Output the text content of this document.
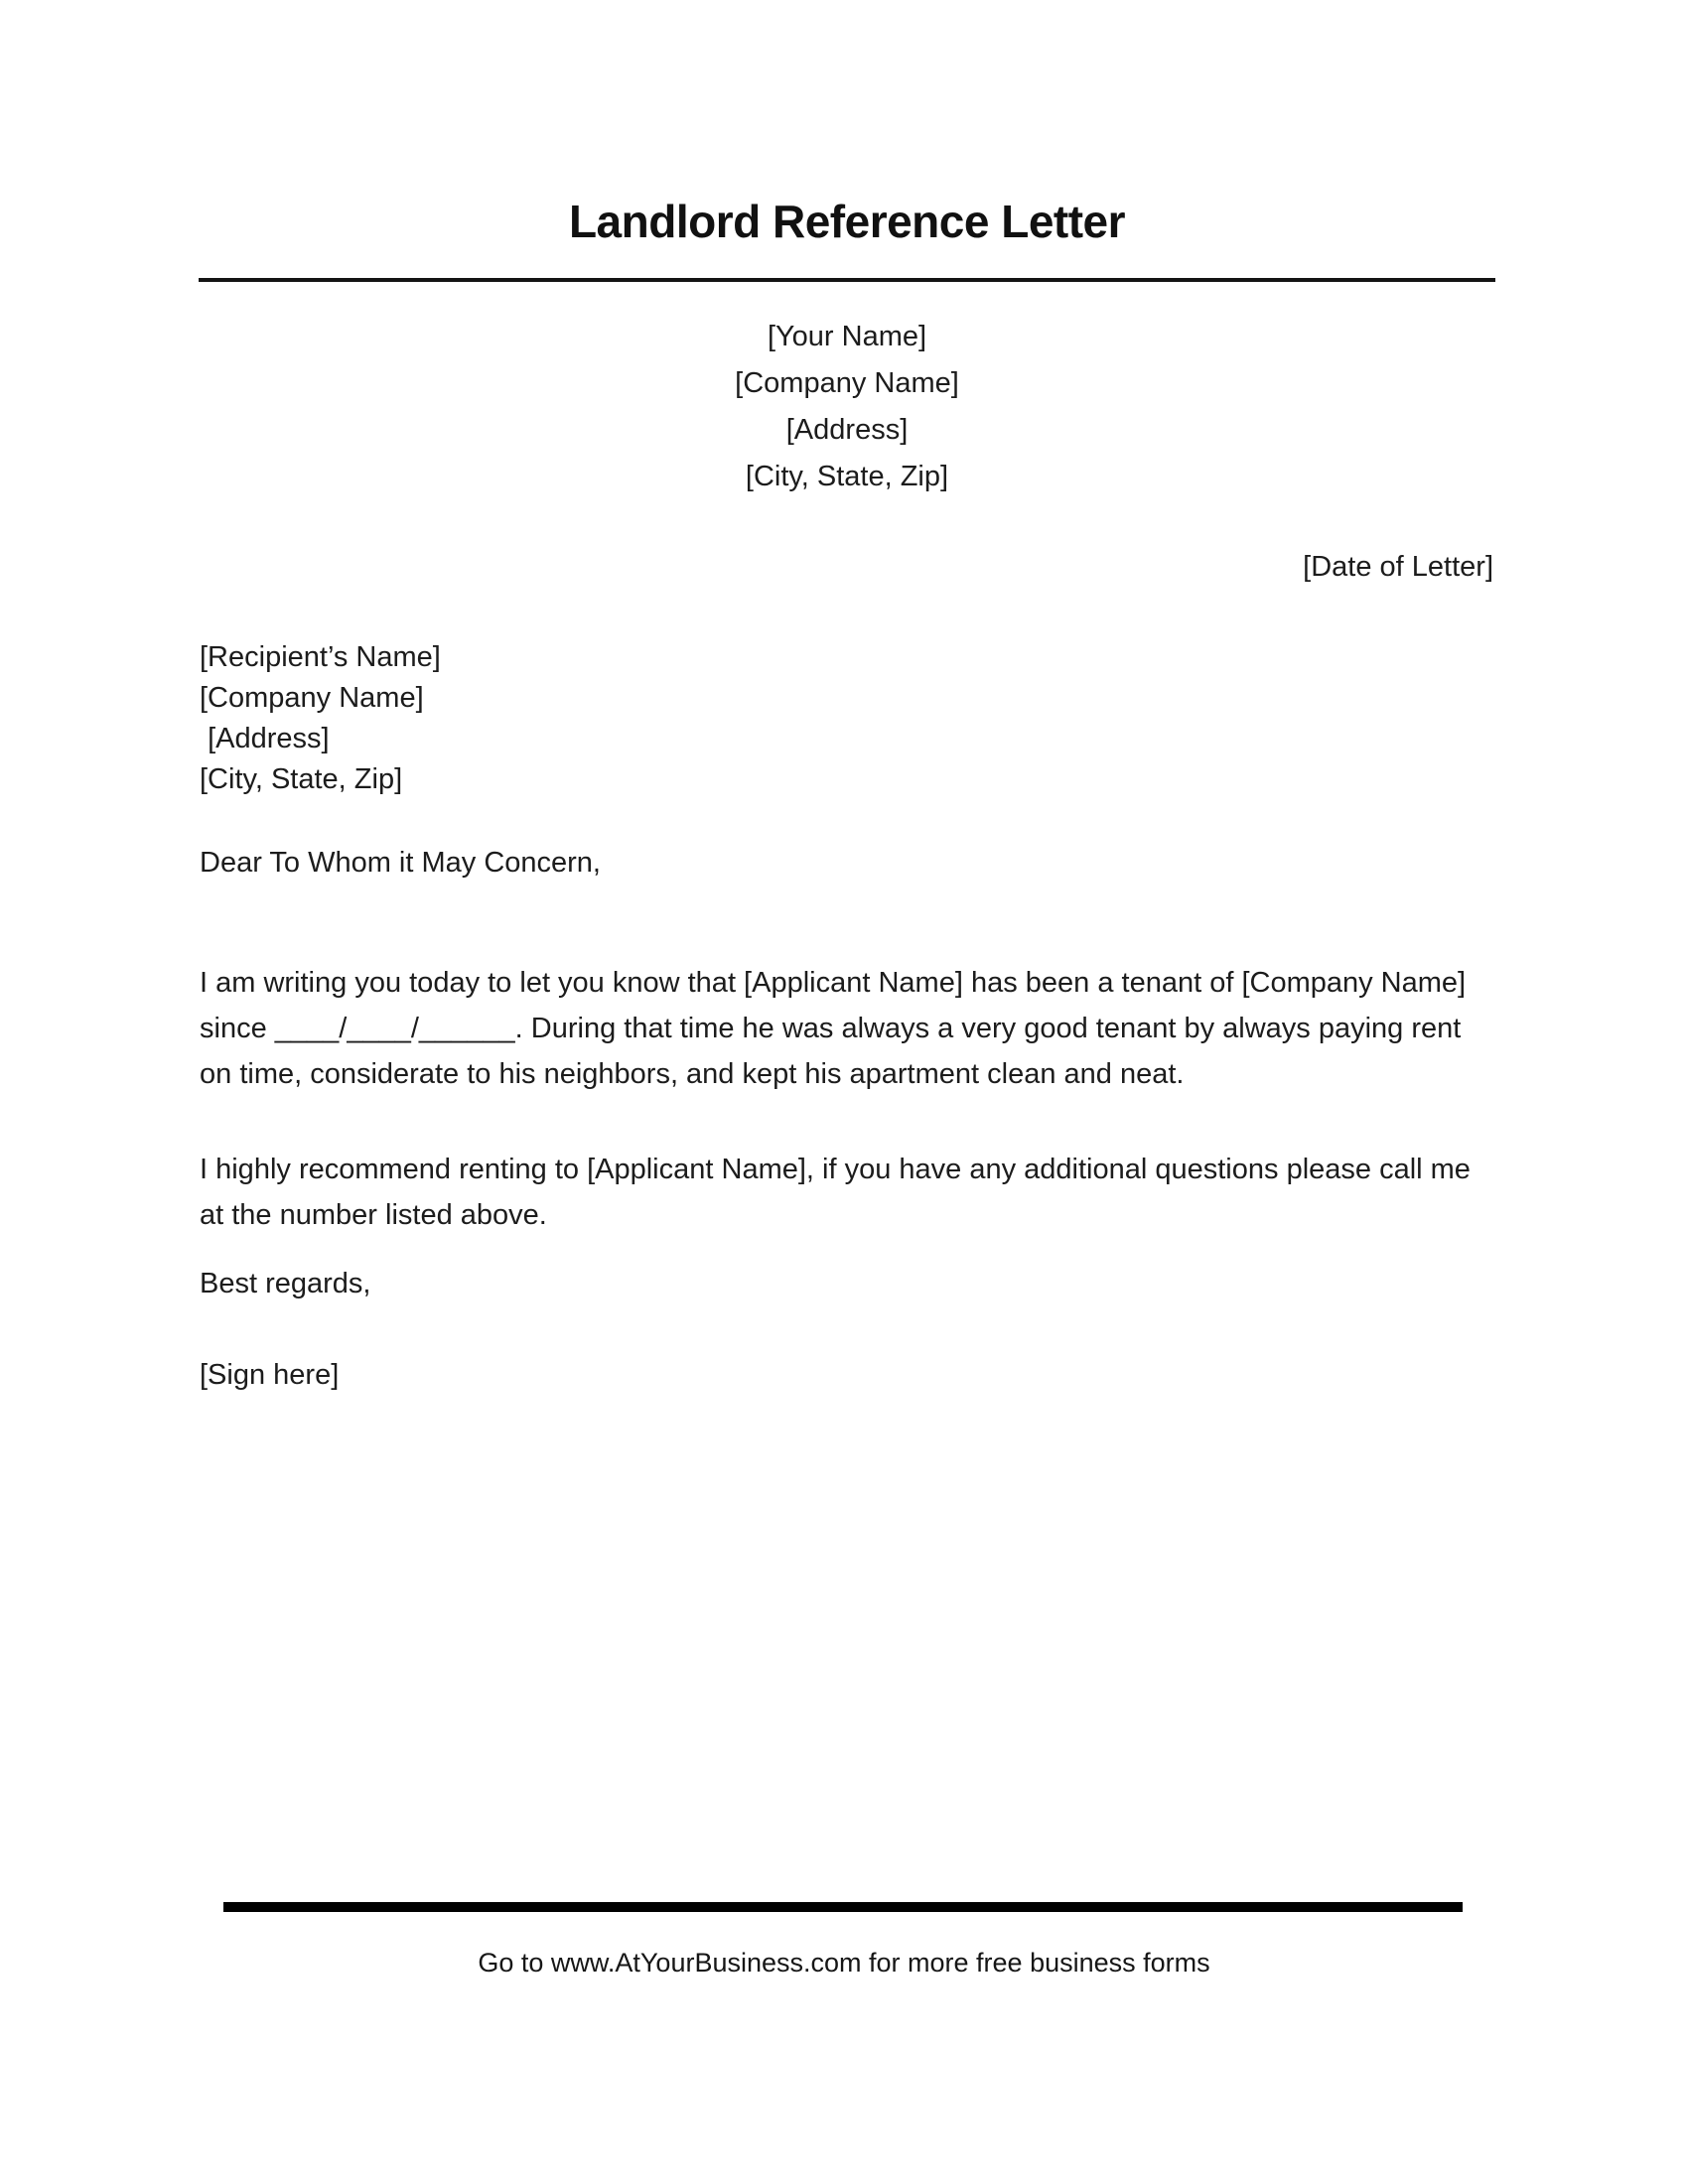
Landlord Reference Letter
[Your Name]
[Company Name]
[Address]
[City, State, Zip]
[Date of Letter]
[Recipient’s Name]
[Company Name]
[Address]
[City, State, Zip]
Dear To Whom it May Concern,

I am writing you today to let you know that [Applicant Name] has been a tenant of [Company Name] since ____/____/______. During that time he was always a very good tenant by always paying rent on time, considerate to his neighbors, and kept his apartment clean and neat.

I highly recommend renting to [Applicant Name], if you have any additional questions please call me at the number listed above.

Best regards,
[Sign here]
Go to www.AtYourBusiness.com for more free business forms
